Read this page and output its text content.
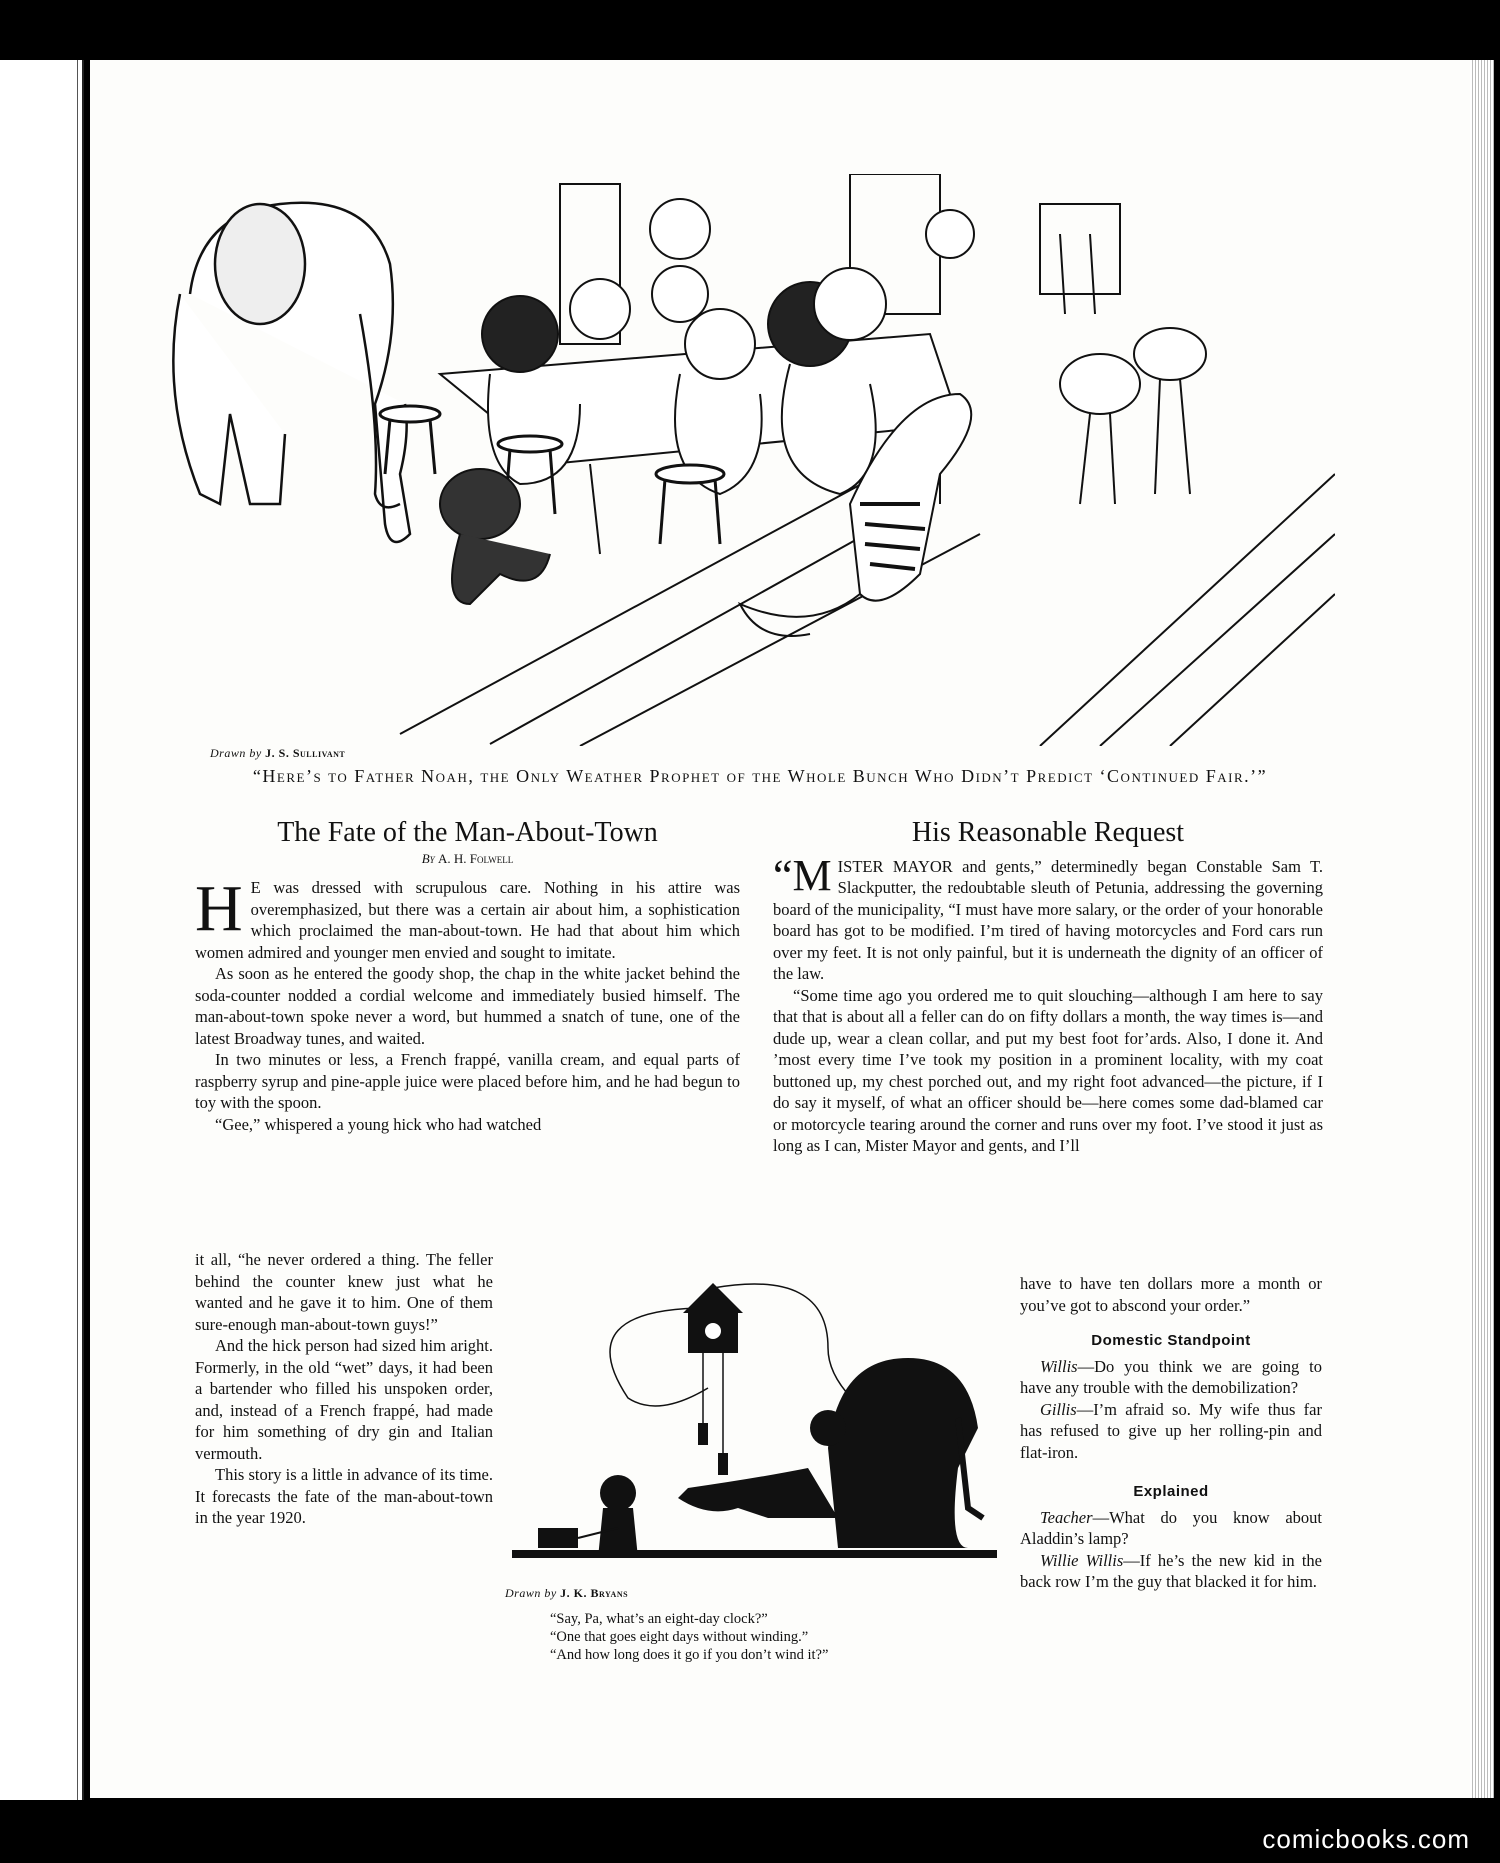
Drawn by J. S. Sullivant
“Here’s to Father Noah, the Only Weather Prophet of the Whole Bunch Who Didn’t Predict ‘Continued Fair.’”
The Fate of the Man-About-Town
By A. H. Folwell

H E was dressed with scrupulous care. Nothing in his attire was overemphasized, but there was a certain air about him, a sophistication which proclaimed the man-about-town. He had that about him which women admired and younger men envied and sought to imitate.

As soon as he entered the goody shop, the chap in the white jacket behind the soda-counter nodded a cordial welcome and immediately busied himself. The man-about-town spoke never a word, but hummed a snatch of tune, one of the latest Broadway tunes, and waited.

In two minutes or less, a French frappé, vanilla cream, and equal parts of raspberry syrup and pine-apple juice were placed before him, and he had begun to toy with the spoon.

“Gee,” whispered a young hick who had watched

it all, “he never ordered a thing. The feller behind the counter knew just what he wanted and he gave it to him. One of them sure-enough man-about-town guys!”

And the hick person had sized him aright. Formerly, in the old “wet” days, it had been a bartender who filled his unspoken order, and, instead of a French frappé, had made for him something of dry gin and Italian vermouth.

This story is a little in advance of its time. It forecasts the fate of the man-about-town in the year 1920.

His Reasonable Request

“MISTER MAYOR and gents,” determinedly began Constable Sam T. Slackputter, the redoubtable sleuth of Petunia, addressing the governing board of the municipality, “I must have more salary, or the order of your honorable board has got to be modified. I’m tired of having motorcycles and Ford cars run over my feet. It is not only painful, but it is underneath the dignity of an officer of the law.

“Some time ago you ordered me to quit slouching—although I am here to say that that is about all a feller can do on fifty dollars a month, the way times is—and dude up, wear a clean collar, and put my best foot for’ards. Also, I done it. And ’most every time I’ve took my position in a prominent locality, with my coat buttoned up, my chest porched out, and my right foot advanced—the picture, if I do say it myself, of what an officer should be—here comes some dad-blamed car or motorcycle tearing around the corner and runs over my foot. I’ve stood it just as long as I can, Mister Mayor and gents, and I’ll

have to have ten dollars more a month or you’ve got to abscond your order.”

Domestic Standpoint

Willis—Do you think we are going to have any trouble with the demobilization?

Gillis—I’m afraid so. My wife thus far has refused to give up her rolling-pin and flat-iron.

Explained

Teacher—What do you know about Aladdin’s lamp?

Willie Willis—If he’s the new kid in the back row I’m the guy that blacked it for him.

Drawn by J. K. Bryans
“Say, Pa, what’s an eight-day clock?”
“One that goes eight days without winding.”
“And how long does it go if you don’t wind it?”
comicbooks.com
